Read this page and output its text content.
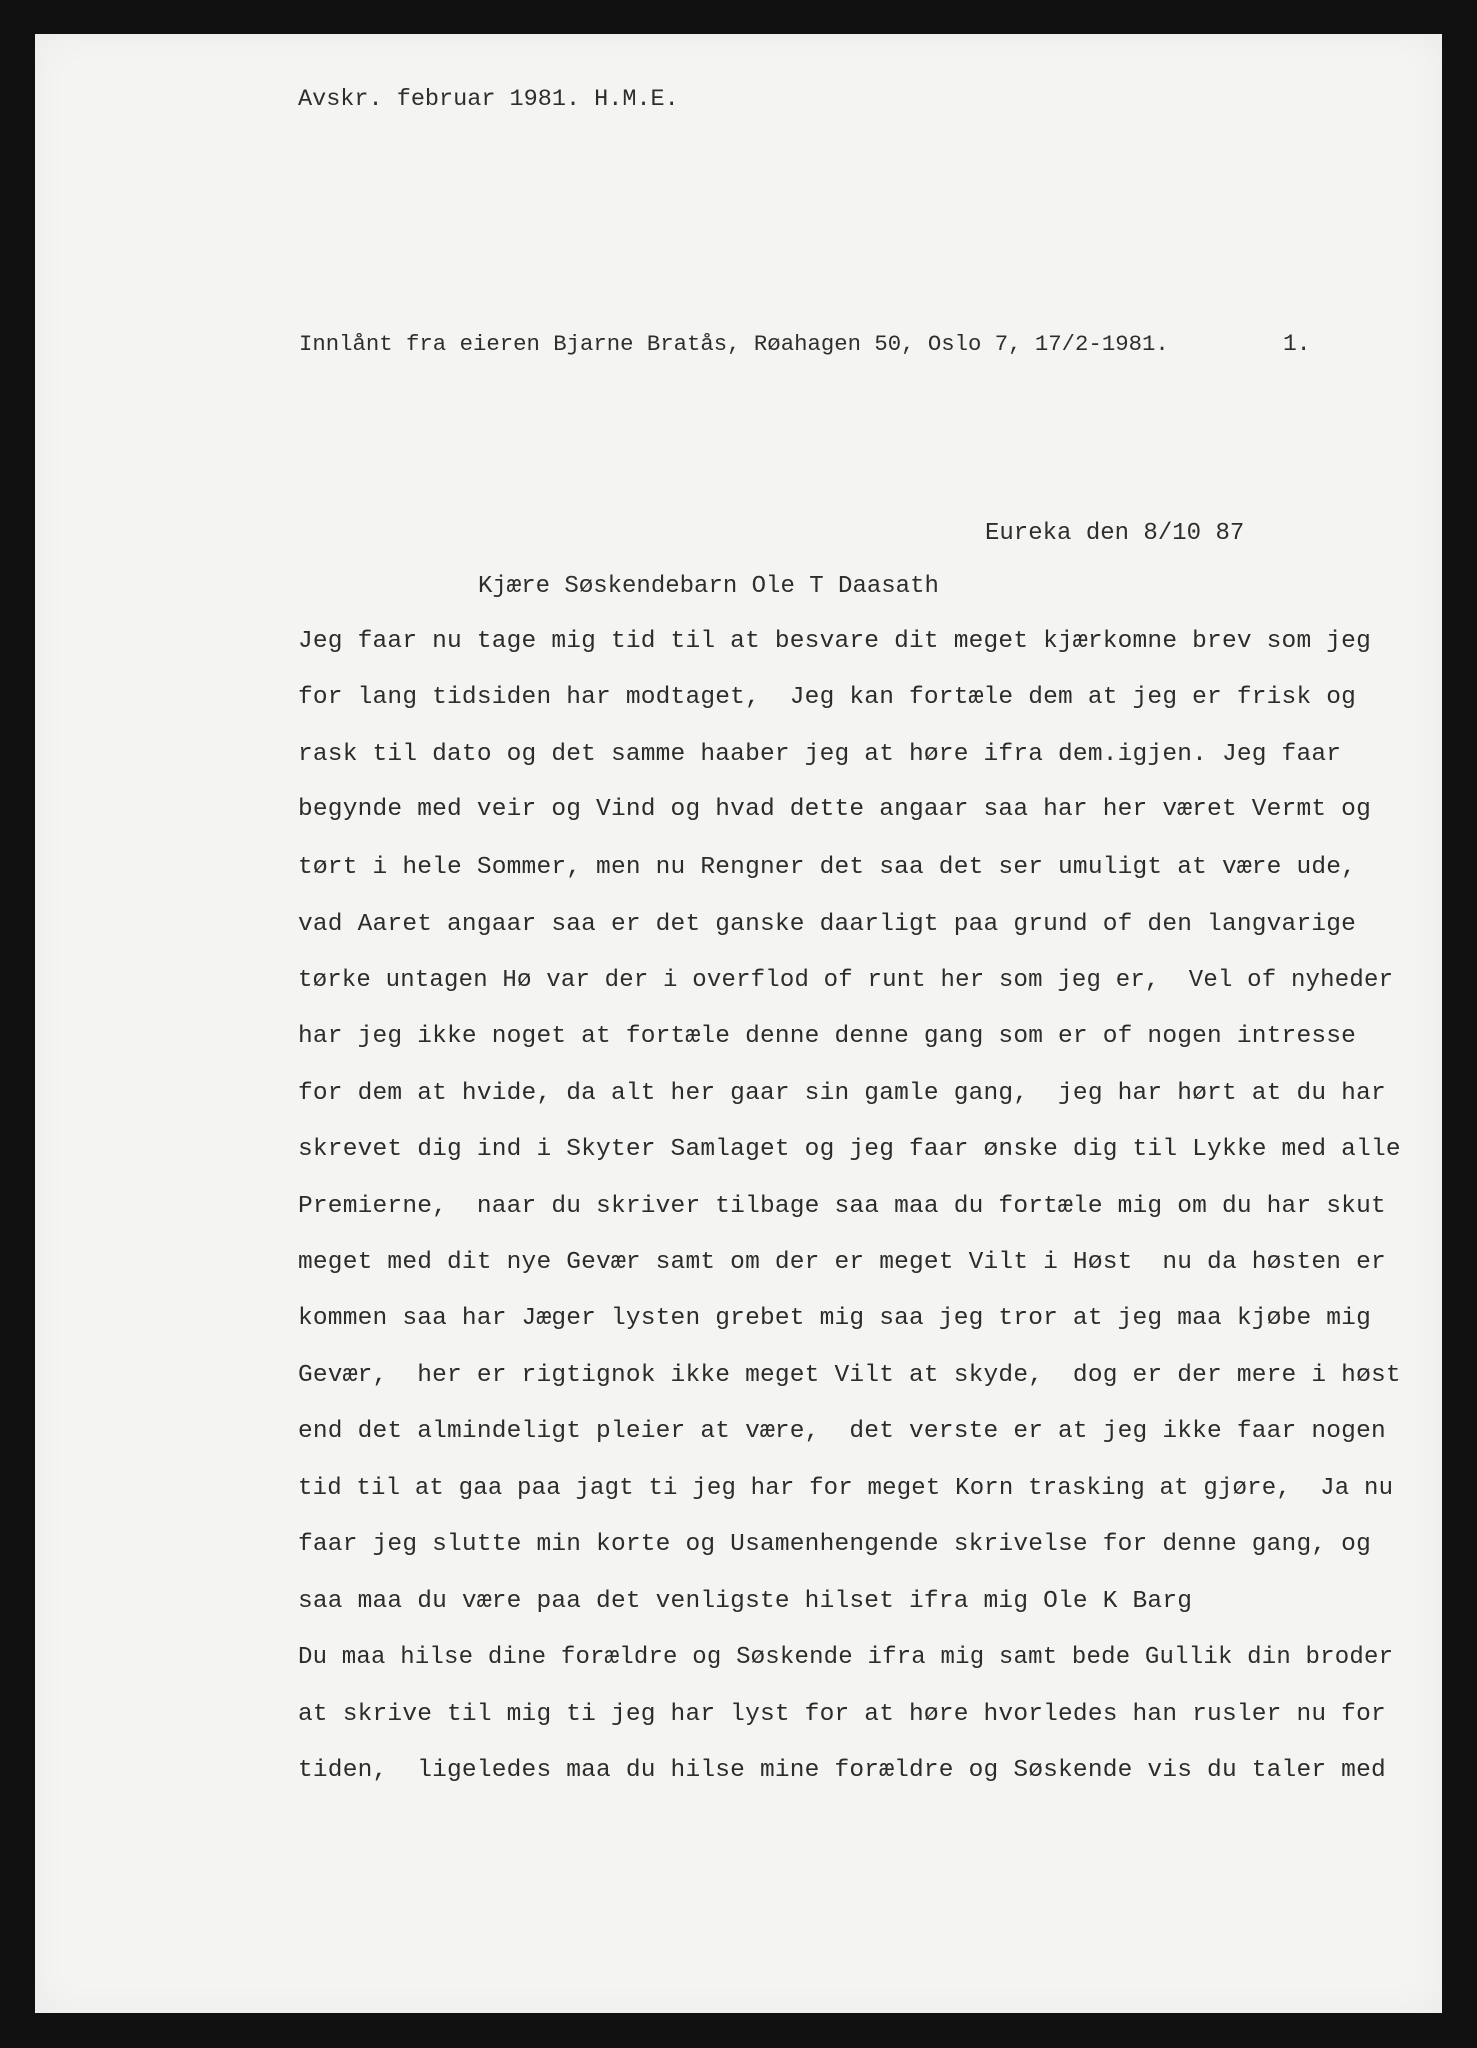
Avskr. februar 1981. H.M.E.
Innlånt fra eieren Bjarne Bratås, Røahagen 50, Oslo 7, 17/2-1981.	1.
Eureka den 8/10 87
Kjære Søskendebarn Ole T Daasath
Jeg faar nu tage mig tid til at besvare dit meget kjærkomne brev som jeg
for lang tidsiden har modtaget,  Jeg kan fortæle dem at jeg er frisk og
rask til dato og det samme haaber jeg at høre ifra dem.igjen. Jeg faar
begynde med veir og Vind og hvad dette angaar saa har her været Vermt og
tørt i hele Sommer, men nu Rengner det saa det ser umuligt at være ude,
vad Aaret angaar saa er det ganske daarligt paa grund of den langvarige
tørke untagen Hø var der i overflod of runt her som jeg er,  Vel of nyheder
har jeg ikke noget at fortæle denne denne gang som er of nogen intresse
for dem at hvide, da alt her gaar sin gamle gang,  jeg har hørt at du har
skrevet dig ind i Skyter Samlaget og jeg faar ønske dig til Lykke med alle
Premierne,  naar du skriver tilbage saa maa du fortæle mig om du har skut
meget med dit nye Gevær samt om der er meget Vilt i Høst  nu da høsten er
kommen saa har Jæger lysten grebet mig saa jeg tror at jeg maa kjøbe mig
Gevær,  her er rigtignok ikke meget Vilt at skyde,  dog er der mere i høst
end det almindeligt pleier at være,  det verste er at jeg ikke faar nogen
tid til at gaa paa jagt ti jeg har for meget Korn trasking at gjøre,  Ja nu
faar jeg slutte min korte og Usamenhengende skrivelse for denne gang, og
saa maa du være paa det venligste hilset ifra mig Ole K Barg
Du maa hilse dine forældre og Søskende ifra mig samt bede Gullik din broder
at skrive til mig ti jeg har lyst for at høre hvorledes han rusler nu for
tiden,  ligeledes maa du hilse mine forældre og Søskende vis du taler med
